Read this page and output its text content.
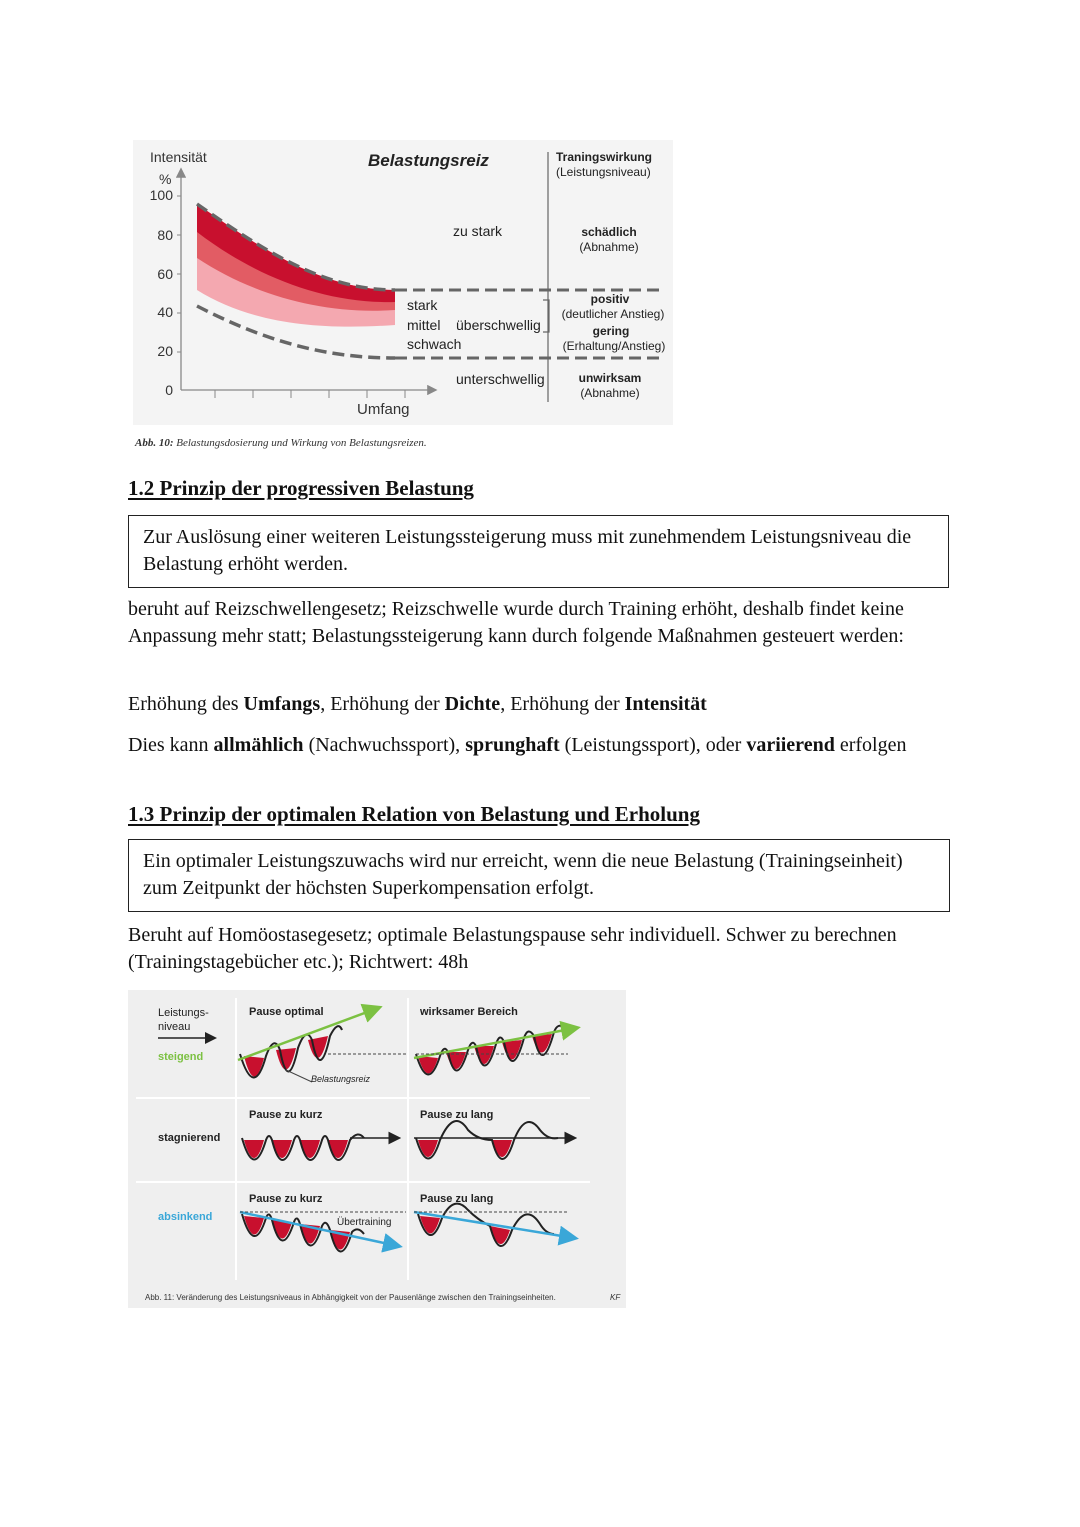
Intensität
%
100
80
60
40
20
0
Umfang
Belastungsreiz
zu stark
stark
mittel
schwach
überschwellig
unterschwellig
Traningswirkung
(Leistungsniveau)
schädlich
(Abnahme)
positiv
(deutlicher Anstieg)
gering
(Erhaltung/Anstieg)
unwirksam
(Abnahme)
Abb. 10: Belastungsdosierung und Wirkung von Belastungsreizen.
1.2 Prinzip der progressiven Belastung
Zur Auslösung einer weiteren Leistungssteigerung muss mit zunehmendem Leistungsniveau die Belastung erhöht werden.

beruht auf Reizschwellengesetz; Reizschwelle wurde durch Training erhöht, deshalb findet keine Anpassung mehr statt; Belastungssteigerung kann durch folgende Maßnahmen gesteuert werden:

Erhöhung des Umfangs, Erhöhung der Dichte, Erhöhung der Intensität

Dies kann allmählich (Nachwuchssport), sprunghaft (Leistungssport), oder variierend erfolgen

1.3 Prinzip der optimalen Relation von Belastung und Erholung
Ein optimaler Leistungszuwachs wird nur erreicht, wenn die neue Belastung (Trainingseinheit) zum Zeitpunkt der höchsten Superkompensation erfolgt.

Beruht auf Homöostasegesetz; optimale Belastungspause sehr individuell. Schwer zu berechnen (Trainingstagebücher etc.); Richtwert: 48h

Leistungs-
niveau
steigend
stagnierend
absinkend
Pause optimal	wirksamer Bereich
Pause zu kurz	Pause zu lang
Pause zu kurz	Pause zu lang
Belastungsreiz
Übertraining
Abb. 11: Veränderung des Leistungsniveaus in Abhängigkeit von der Pausenlänge zwischen den Trainingseinheiten.	KF
